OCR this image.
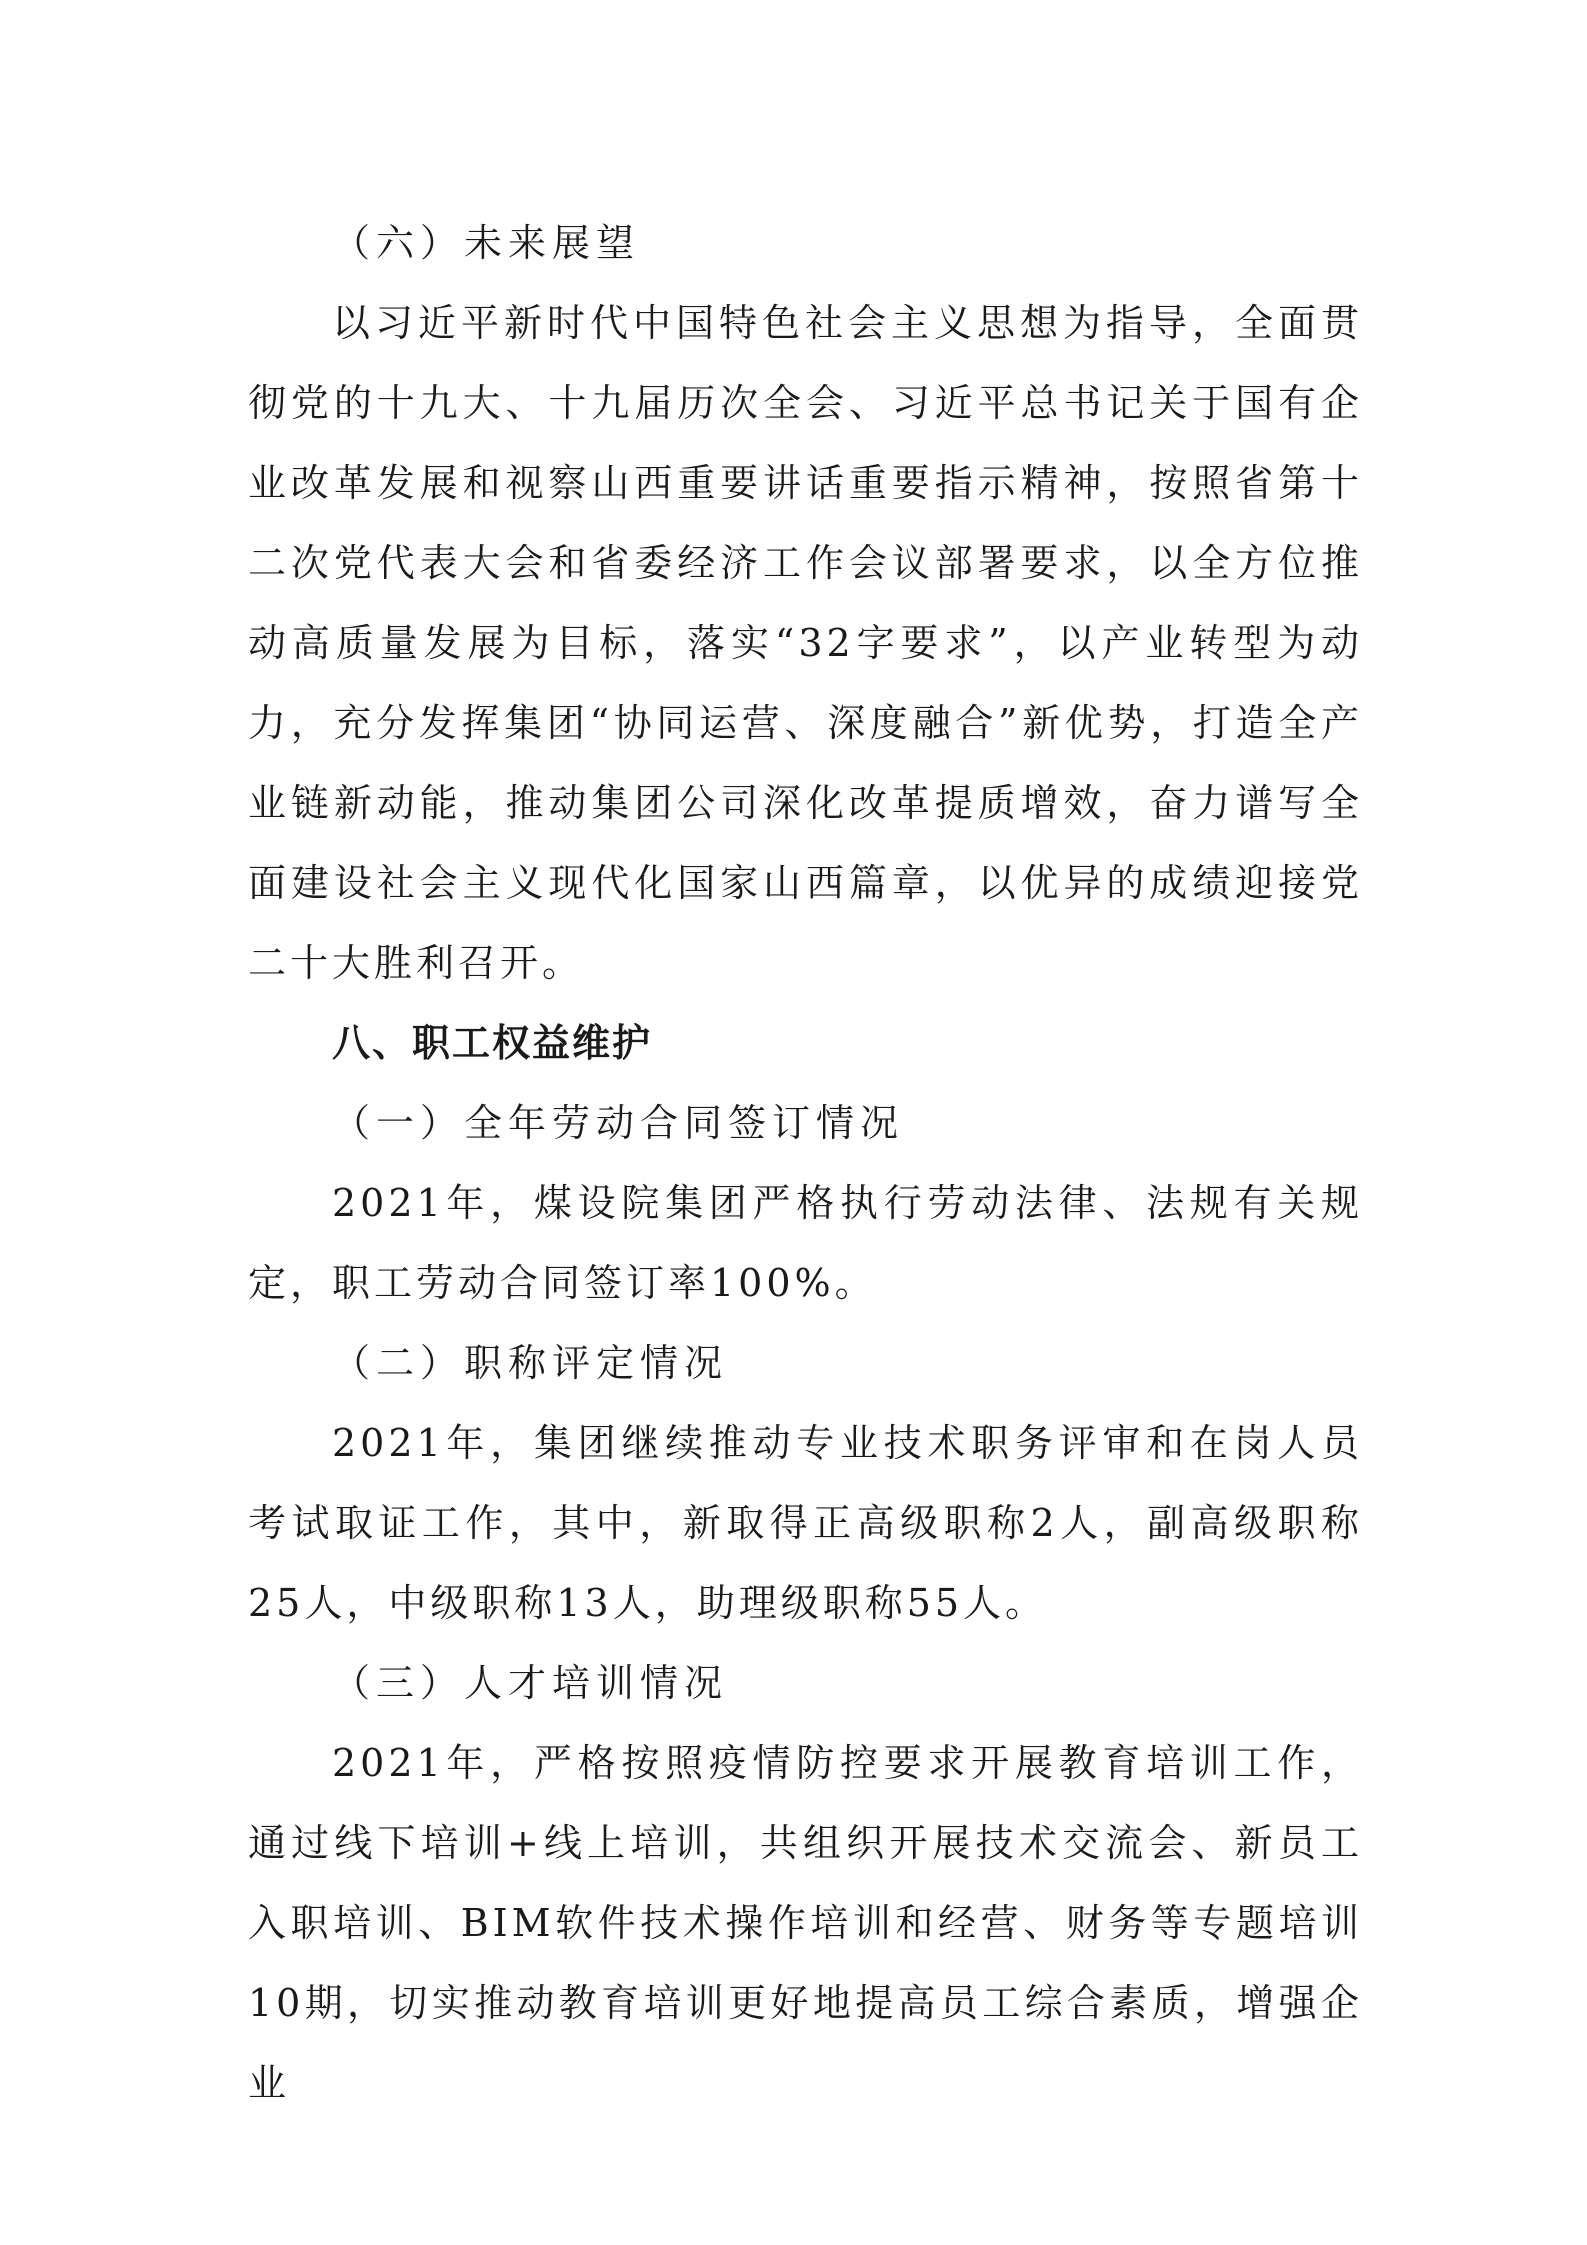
（六）未来展望

以习近平新时代中国特色社会主义思想为指导，全面贯彻党的十九大、十九届历次全会、习近平总书记关于国有企业改革发展和视察山西重要讲话重要指示精神，按照省第十二次党代表大会和省委经济工作会议部署要求，以全方位推动高质量发展为目标，落实“32字要求”，以产业转型为动力，充分发挥集团“协同运营、深度融合”新优势，打造全产业链新动能，推动集团公司深化改革提质增效，奋力谱写全面建设社会主义现代化国家山西篇章，以优异的成绩迎接党二十大胜利召开。

八、职工权益维护
（一）全年劳动合同签订情况

2021年，煤设院集团严格执行劳动法律、法规有关规定，职工劳动合同签订率100%。

（二）职称评定情况

2021年，集团继续推动专业技术职务评审和在岗人员考试取证工作，其中，新取得正高级职称2人，副高级职称25人，中级职称13人，助理级职称55人。

（三）人才培训情况

2021年，严格按照疫情防控要求开展教育培训工作，通过线下培训+线上培训，共组织开展技术交流会、新员工入职培训、BIM软件技术操作培训和经营、财务等专题培训10期，切实推动教育培训更好地提高员工综合素质，增强企业
